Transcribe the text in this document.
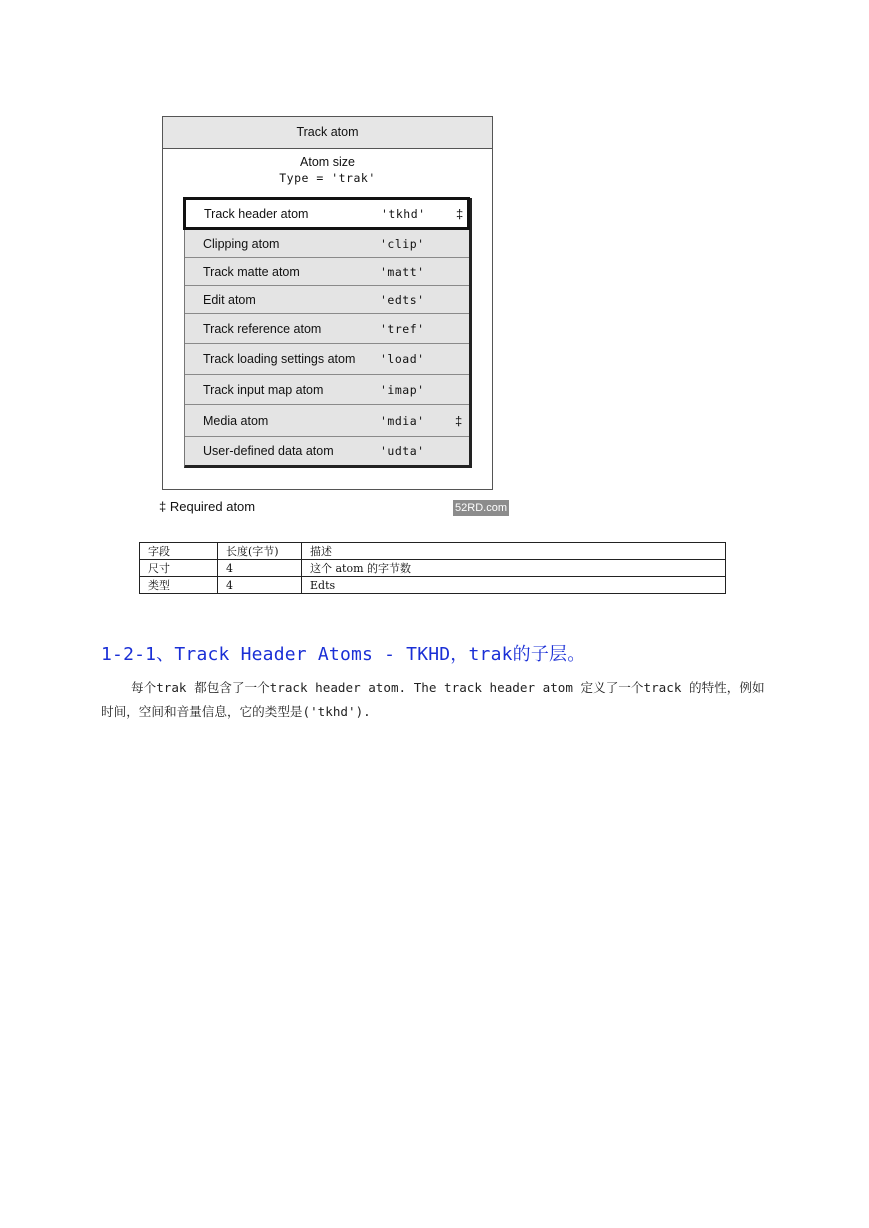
Track atom
Atom size
Type = 'trak'
Track header atom	'tkhd' ‡
Clipping atom	'clip'
Track matte atom	'matt'
Edit atom	'edts'
Track reference atom	'tref'
Track loading settings atom 'load'
Track input map atom	'imap'
Media atom	'mdia' ‡
User-defined data atom	'udta'
‡ Required atom	52RD.com
字段	长度(字节)	描述
尺寸	4	这个 atom 的字节数
类型	4	Edts
1-2-1、Track Header Atoms - TKHD，trak的子层。
每个trak 都包含了一个track header atom. The track header atom 定义了一个track 的特性，例如时间，空间和音量信息，它的类型是('tkhd').
